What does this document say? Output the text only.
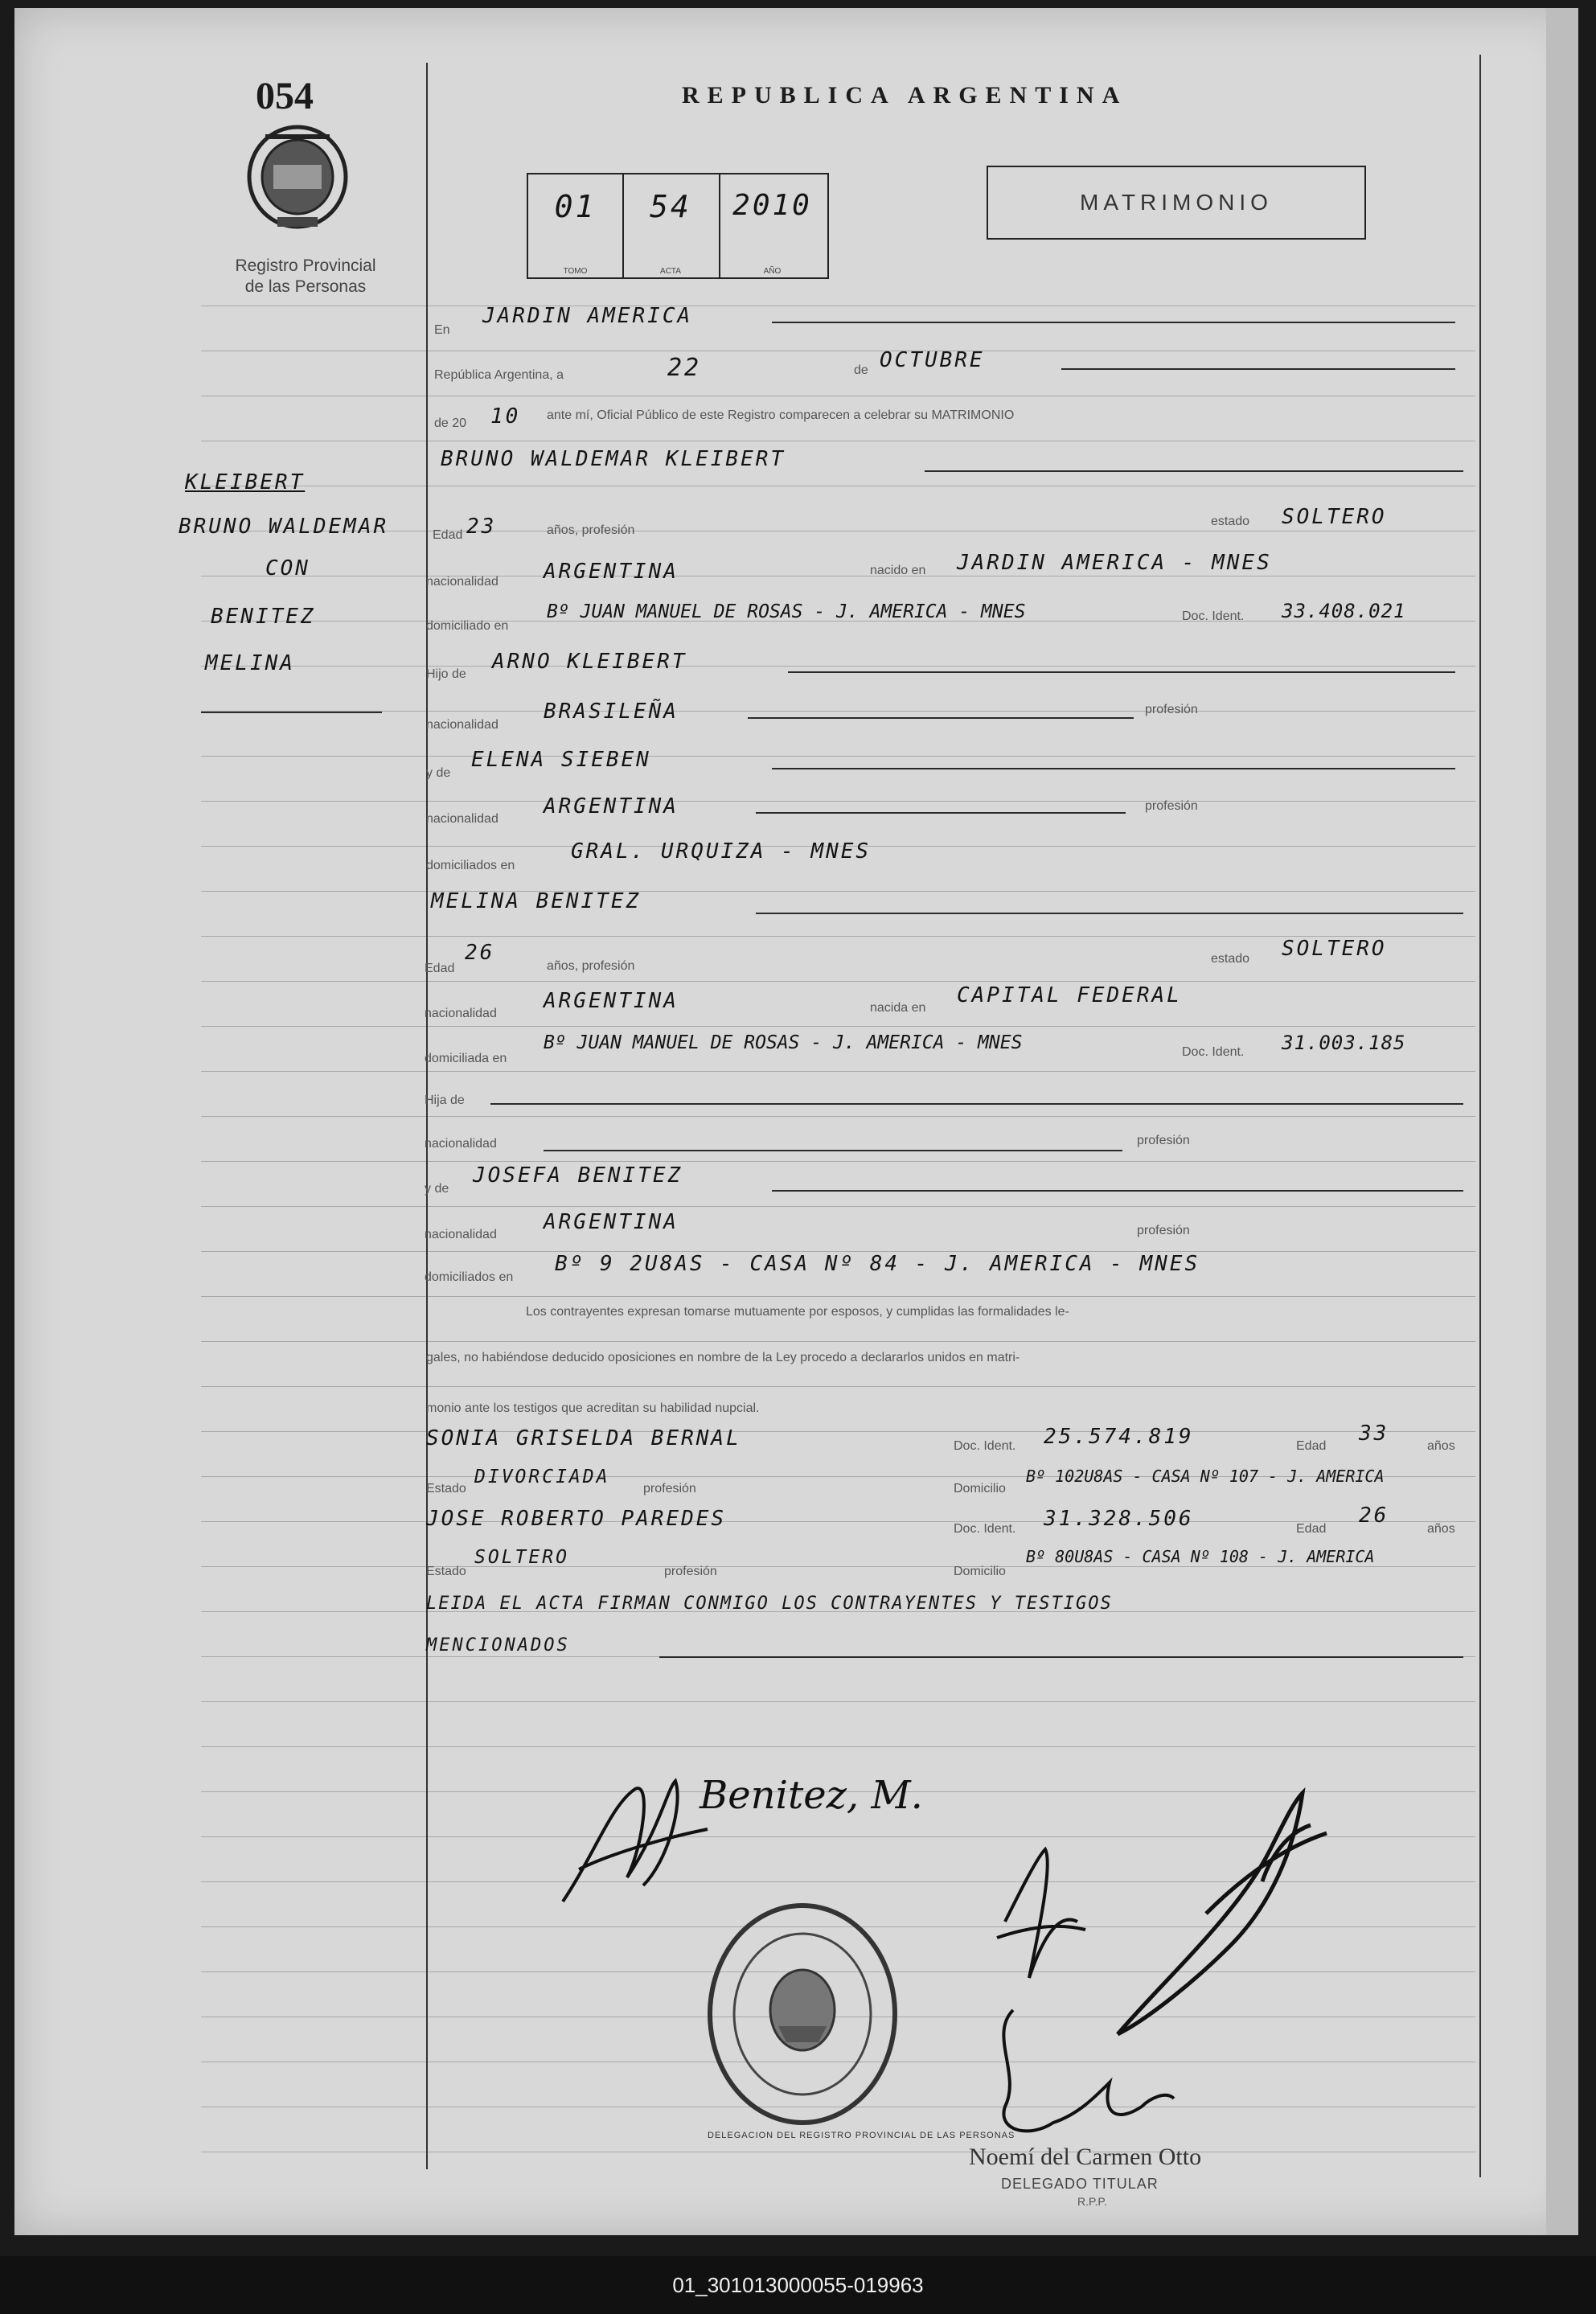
054
Registro Provincial
de las Personas
KLEIBERT
BRUNO WALDEMAR
CON
BENITEZ
MELINA
REPUBLICA ARGENTINA
01
TOMO
54
ACTA
2010
AÑO
MATRIMONIO
En
JARDIN AMERICA
República Argentina, a	22	de OCTUBRE
de 20 10 ante mí, Oficial Público de este Registro comparecen a celebrar su MATRIMONIO
BRUNO WALDEMAR KLEIBERT
Edad 23	años, profesión
estado SOLTERO
nacionalidad ARGENTINA	nacido en JARDIN AMERICA - MNES
domiciliado en
Bº JUAN MANUEL DE ROSAS - J. AMERICA - MNES	Doc. Ident. 33.408.021
Hijo de
ARNO KLEIBERT
nacionalidad
BRASILEÑA	profesión
y de
ELENA SIEBEN
nacionalidad
ARGENTINA	profesión
domiciliados en
GRAL. URQUIZA - MNES
MELINA BENITEZ
Edad
26
años, profesión
estado SOLTERO
nacionalidad
ARGENTINA	nacida en
CAPITAL FEDERAL
domiciliada en
Bº JUAN MANUEL DE ROSAS - J. AMERICA - MNES	Doc. Ident. 31.003.185
Hija de
nacionalidad	profesión
y de
JOSEFA BENITEZ
nacionalidad
ARGENTINA	profesión
domiciliados en
Bº 9 2U8AS - CASA Nº 84 - J. AMERICA - MNES
Los contrayentes expresan tomarse mutuamente por esposos, y cumplidas las formalidades le-
gales, no habiéndose deducido oposiciones en nombre de la Ley procedo a declararlos unidos en matri-
monio ante los testigos que acreditan su habilidad nupcial.
SONIA GRISELDA BERNAL	Doc. Ident. 25.574.819	Edad
33
años
Estado
DIVORCIADA
profesión	Domicilio
Bº 102U8AS - CASA Nº 107 - J. AMERICA
JOSE ROBERTO PAREDES	Doc. Ident. 31.328.506	Edad
26
años
Estado
SOLTERO
profesión	Domicilio
Bº 80U8AS - CASA Nº 108 - J. AMERICA
LEIDA EL ACTA FIRMAN CONMIGO LOS CONTRAYENTES Y TESTIGOS
MENCIONADOS
Benitez, M.
DELEGACION DEL REGISTRO PROVINCIAL DE LAS PERSONAS
Noemí del Carmen Otto
DELEGADO TITULAR
R.P.P.
01_301013000055-019963
